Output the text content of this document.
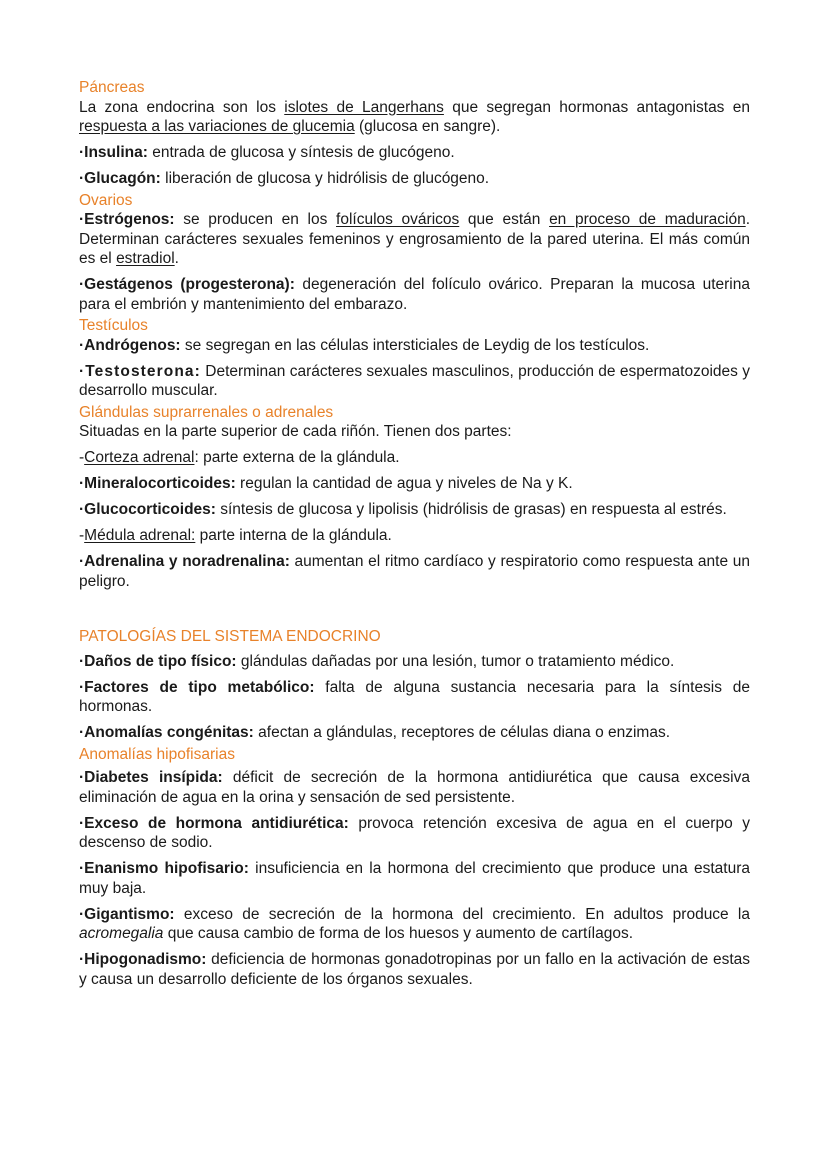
Páncreas

La zona endocrina son los islotes de Langerhans que segregan hormonas antagonistas en respuesta a las variaciones de glucemia (glucosa en sangre).

·Insulina: entrada de glucosa y síntesis de glucógeno.

·Glucagón: liberación de glucosa y hidrólisis de glucógeno.

Ovarios

·Estrógenos: se producen en los folículos ováricos que están en proceso de maduración. Determinan carácteres sexuales femeninos y engrosamiento de la pared uterina. El más común es el estradiol.

·Gestágenos (progesterona): degeneración del folículo ovárico. Preparan la mucosa uterina para el embrión y mantenimiento del embarazo.

Testículos

·Andrógenos: se segregan en las células intersticiales de Leydig de los testículos.

·Testosterona: Determinan carácteres sexuales masculinos, producción de espermatozoides y desarrollo muscular.

Glándulas suprarrenales o adrenales

Situadas en la parte superior de cada riñón. Tienen dos partes:

-Corteza adrenal: parte externa de la glándula.

·Mineralocorticoides: regulan la cantidad de agua y niveles de Na y K.

·Glucocorticoides: síntesis de glucosa y lipolisis (hidrólisis de grasas) en respuesta al estrés.

-Médula adrenal: parte interna de la glándula.

·Adrenalina y noradrenalina: aumentan el ritmo cardíaco y respiratorio como respuesta ante un peligro.

PATOLOGÍAS DEL SISTEMA ENDOCRINO

·Daños de tipo físico: glándulas dañadas por una lesión, tumor o tratamiento médico.

·Factores de tipo metabólico: falta de alguna sustancia necesaria para la síntesis de hormonas.

·Anomalías congénitas: afectan a glándulas, receptores de células diana o enzimas.

Anomalías hipofisarias

·Diabetes insípida: déficit de secreción de la hormona antidiurética que causa excesiva eliminación de agua en la orina y sensación de sed persistente.

·Exceso de hormona antidiurética: provoca retención excesiva de agua en el cuerpo y descenso de sodio.

·Enanismo hipofisario: insuficiencia en la hormona del crecimiento que produce una estatura muy baja.

·Gigantismo: exceso de secreción de la hormona del crecimiento. En adultos produce la acromegalia que causa cambio de forma de los huesos y aumento de cartílagos.

·Hipogonadismo: deficiencia de hormonas gonadotropinas por un fallo en la activación de estas y causa un desarrollo deficiente de los órganos sexuales.
